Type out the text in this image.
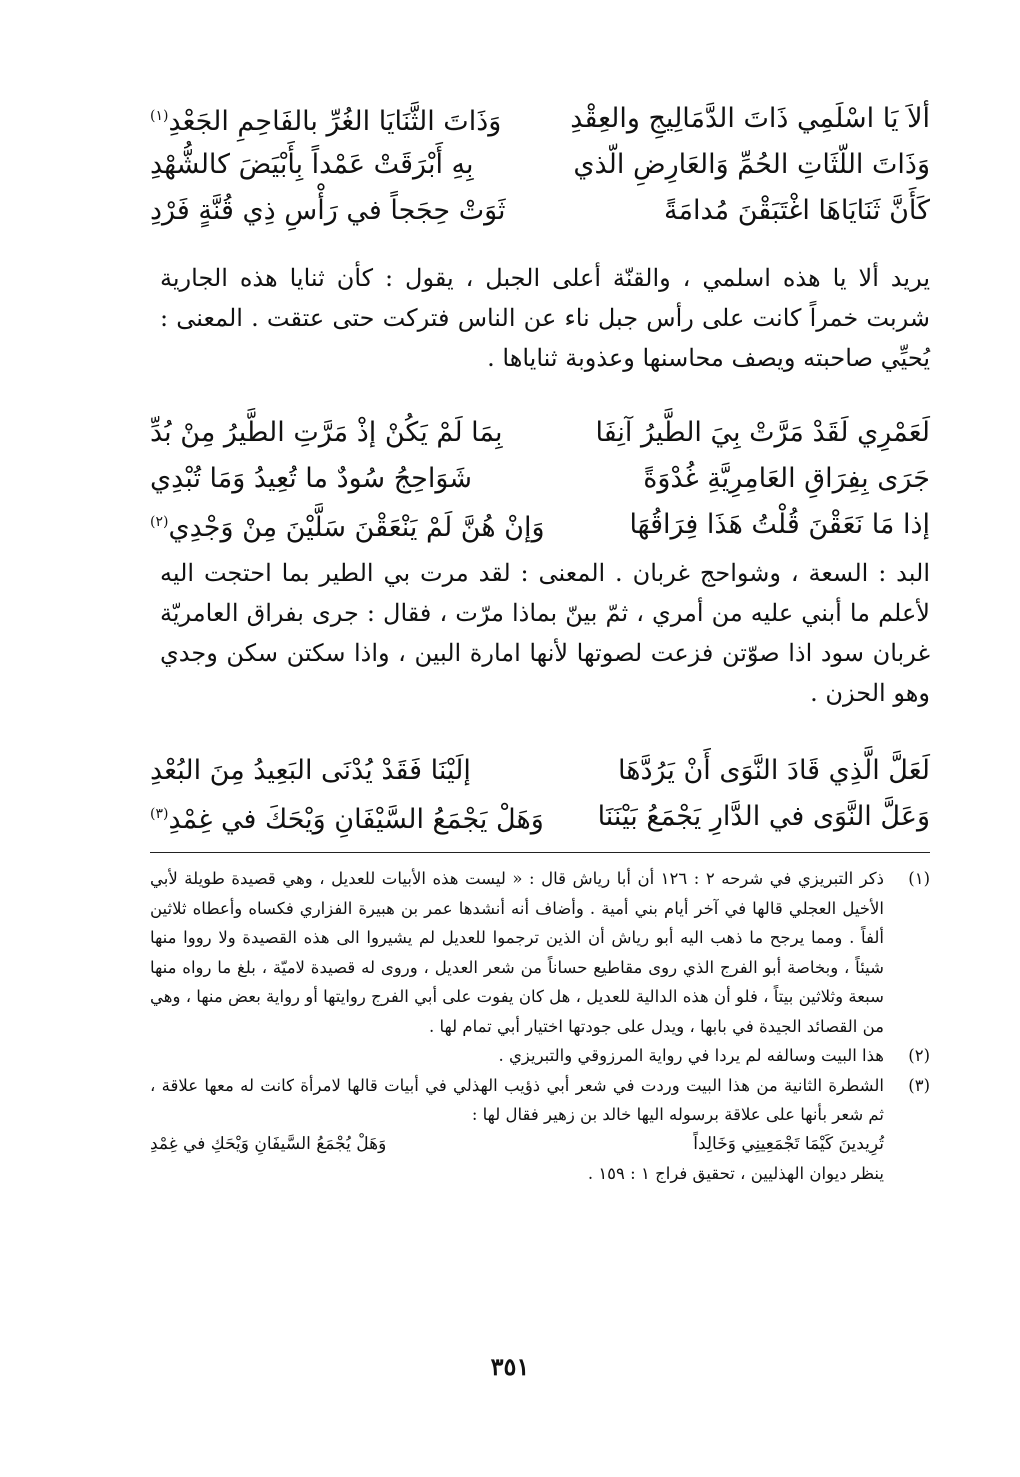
ألاَ يَا اسْلَمِي ذَاتَ الدَّمَالِيجِ والعِقْدِ
وَذَاتَ الثَّنَايَا الغُرِّ بالفَاحِمِ الجَعْدِ$^{(١)}$
وَذَاتَ اللّثَاتِ الحُمِّ وَالعَارِضِ الّذي
بِهِ أَبْرَقَتْ عَمْداً بِأَبْيَضَ كالشُّهْدِ
كَأَنَّ ثَنَايَاهَا اغْتَبَقْنَ مُدامَةً
ثَوَتْ حِجَجاً في رَأْسِ ذِي قُنَّةٍ فَرْدِ

يريد ألا يا هذه اسلمي ، والقنّة أعلى الجبل ، يقول : كأن ثنايا هذه الجارية شربت خمراً كانت على رأس جبل ناء عن الناس فتركت حتى عتقت . المعنى : يُحيِّي صاحبته ويصف محاسنها وعذوبة ثناياها .

لَعَمْرِي لَقَدْ مَرَّتْ بِيَ الطَّيرُ آنِفَا
بِمَا لَمْ يَكُنْ إذْ مَرَّتِ الطَّيرُ مِنْ بُدِّ
جَرَى بِفِرَاقِ العَامِرِيَّةِ غُدْوَةً
شَوَاحِجُ سُودٌ ما تُعِيدُ وَمَا تُبْدِي
إذا مَا نَعَقْنَ قُلْتُ هَذَا فِرَاقُهَا
وَإنْ هُنَّ لَمْ يَنْعَقْنَ سَلَّيْنَ مِنْ وَجْدِي$^{(٢)}$

البد : السعة ، وشواحج غربان . المعنى : لقد مرت بي الطير بما احتجت اليه لأعلم ما أبني عليه من أمري ، ثمّ بينّ بماذا مرّت ، فقال : جرى بفراق العامريّة غربان سود اذا صوّتن فزعت لصوتها لأنها امارة البين ، واذا سكتن سكن وجدي وهو الحزن .

لَعَلَّ الَّذِي قَادَ النَّوَى أَنْ يَرُدَّهَا
إلَيْنَا فَقَدْ يُدْنَى البَعِيدُ مِنَ البُعْدِ
وَعَلَّ النَّوَى في الدَّارِ يَجْمَعُ بَيْنَنَا
وَهَلْ يَجْمَعُ السَّيْفَانِ وَيْحَكَ في غِمْدِ$^{(٣)}$
(١)

ذكر التبريزي في شرحه ٢ : ١٢٦ أن أبا رياش قال : « ليست هذه الأبيات للعديل ، وهي قصيدة طويلة لأبي الأخيل العجلي قالها في آخر أيام بني أمية . وأضاف أنه أنشدها عمر بن هبيرة الفزاري فكساه وأعطاه ثلاثين ألفاً . ومما يرجح ما ذهب اليه أبو رياش أن الذين ترجموا للعديل لم يشيروا الى هذه القصيدة ولا رووا منها شيئاً ، وبخاصة أبو الفرج الذي روى مقاطيع حساناً من شعر العديل ، وروى له قصيدة لاميّة ، بلغ ما رواه منها سبعة وثلاثين بيتاً ، فلو أن هذه الدالية للعديل ، هل كان يفوت على أبي الفرج روايتها أو رواية بعض منها ، وهي من القصائد الجيدة في بابها ، ويدل على جودتها اختيار أبي تمام لها .

(٢)

هذا البيت وسالفه لم يردا في رواية المرزوقي والتبريزي .

(٣)

الشطرة الثانية من هذا البيت وردت في شعر أبي ذؤيب الهذلي في أبيات قالها لامرأة كانت له معها علاقة ، ثم شعر بأنها على علاقة برسوله اليها خالد بن زهير فقال لها :

تُرِيدينَ كَيْمَا تَجْمَعِينِي وَخَالِداً
وَهَلْ يُجْمَعُ السَّيفَانِ وَيْحَكِ في غِمْدِ

ينظر ديوان الهذليين ، تحقيق فراج ١ : ١٥٩ .

٣٥١
